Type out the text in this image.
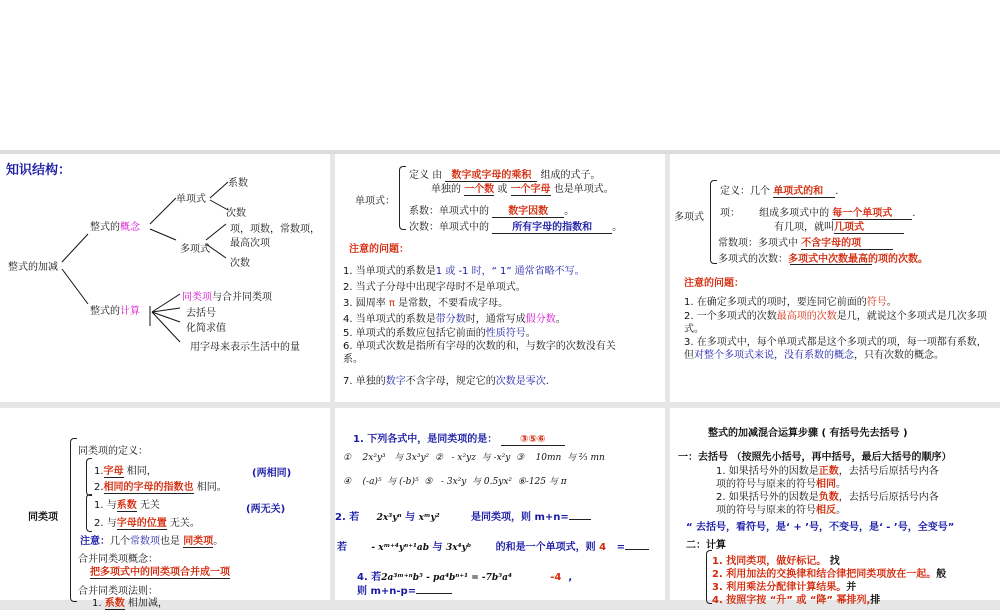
知识结构：
整式的加减
整式的概念
单项式
系数
次数
多项式
项，项数，常数项，
最高次项
次数
整式的计算
同类项与合并同类项
去括号
化简求值
用字母来表示生活中的量
单项式：
定义 由 数字或字母的乘积 组成的式子。
单独的 一个数 或 一个字母 也是单项式。
系数：单项式中的 数字因数 。
次数：单项式中的 所有字母的指数和 。
注意的问题：
1. 当单项式的系数是1 或 -1 时，“ 1” 通常省略不写。
2. 当式子分母中出现字母时不是单项式。
3. 圆周率 π 是常数，不要看成字母。
4. 当单项式的系数是带分数时，通常写成假分数。
5. 单项式的系数应包括它前面的性质符号。
6. 单项式次数是指所有字母的次数的和，与数字的次数没有关系。
7. 单独的数字不含字母，规定它的次数是零次.
多项式
定义：几个 单项式的和 .
项： 组成多项式中的 每一个单项式 .
有几项，就叫几项式
常数项：多项式中 不含字母的项
多项式的次数：多项式中次数最高的项的次数。
注意的问题：
1. 在确定多项式的项时，要连同它前面的符号。
2. 一个多项式的次数最高项的次数是几，就说这个多项式是几次多项式。
3. 在多项式中，每个单项式都是这个多项式的项，每一项都有系数，但对整个多项式来说，没有系数的概念，只有次数的概念。
同类项
同类项的定义：
1.字母 相同，
2.相同的字母的指数也 相同。
(两相同)
1. 与系数 无关	(两无关)
2. 与字母的位置 无关。
注意：几个常数项也是 同类项。
合并同类项概念：
把多项式中的同类项合并成一项
合并同类项法则：
1. 系数 相加减，
1. 下列各式中，是同类项的是： ③⑤⑥
①    2x²y³   与 3x³y²  ②   - x²yz  与 -x²y  ③    10mn  与 ⅔ mn
④    (-a)⁵  与 (-b)⁵  ⑤   - 3x²y  与 0.5yx²  ⑥-125 与 π
2. 若 2x³yⁿ 与 xᵐy²	是同类项，则 m+n=
若	- xᵐ⁺⁴yⁿ⁺¹ab 与 3x⁴yᵇ 的和是一个单项式，则 4 =
4. 若2a³ᵐ⁺ⁿb⁵ - pa⁴bⁿ⁺¹ = -7b⁵a⁴	-4  ,
则 m+n-p=
整式的加减混合运算步骤 ( 有括号先去括号 )
一：去括号 （按照先小括号，再中括号，最后大括号的顺序）
1. 如果括号外的因数是正数，去括号后原括号内各
项的符号与原来的符号相同。
2. 如果括号外的因数是负数，去括号后原括号内各
项的符号与原来的符号相反。
“ 去括号，看符号，是‘ + ’号，不变号，是‘ - ’号，全变号”
二：计算
1. 找同类项，做好标记。 找
2. 利用加法的交换律和结合律把同类项放在一起。般
3. 利用乘法分配律计算结果。并
4. 按照字按 “升” 或 “降” 幂排列,排
